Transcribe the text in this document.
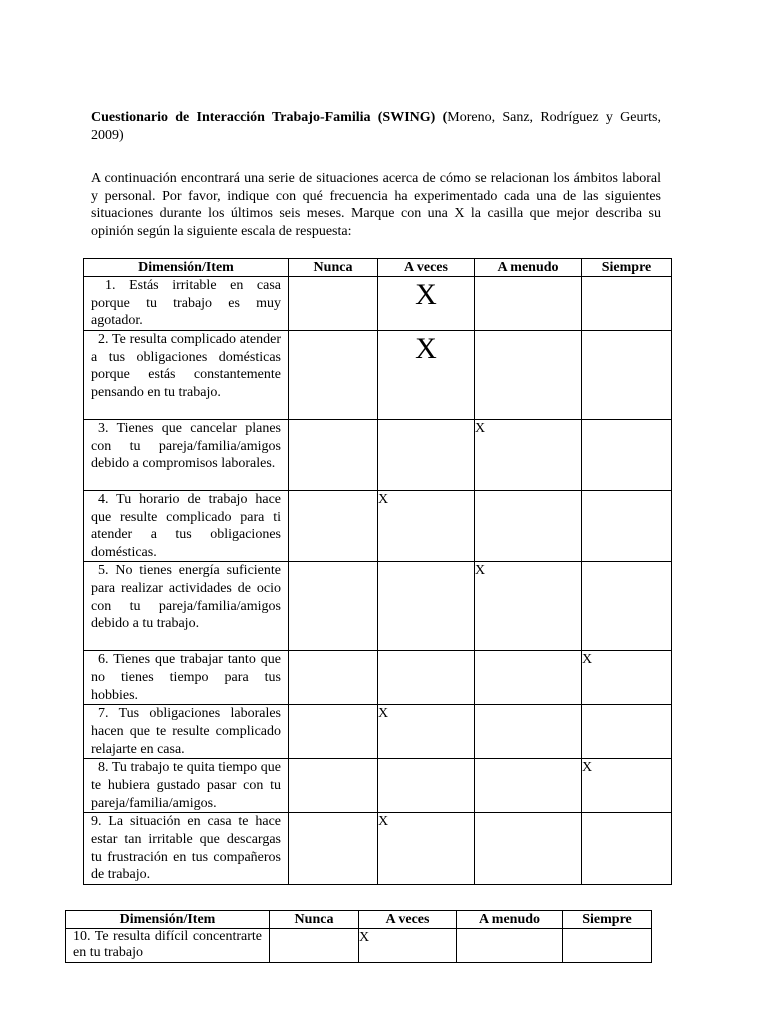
Cuestionario de Interacción Trabajo-Familia (SWING) (Moreno, Sanz, Rodríguez y Geurts, 2009)

A continuación encontrará una serie de situaciones acerca de cómo se relacionan los ámbitos laboral y personal. Por favor, indique con qué frecuencia ha experimentado cada una de las siguientes situaciones durante los últimos seis meses. Marque con una X la casilla que mejor describa su opinión según la siguiente escala de respuesta:

Dimensión/Item	Nunca	A veces	A menudo	Siempre
1. Estás irritable en casa porque tu trabajo es muy agotador.		X		

2. Te resulta complicado atender a tus obligaciones domésticas porque estás constantemente pensando en tu trabajo.		X		

3. Tienes que cancelar planes con tu pareja/familia/amigos debido a compromisos laborales.			X	

4. Tu horario de trabajo hace que resulte complicado para ti atender a tus obligaciones domésticas.		X		

5. No tienes energía suficiente para realizar actividades de ocio con tu pareja/familia/amigos debido a tu trabajo.			X	

6. Tienes que trabajar tanto que no tienes tiempo para tus hobbies.				X

7. Tus obligaciones laborales hacen que te resulte complicado relajarte en casa.		X		

8. Tu trabajo te quita tiempo que te hubiera gustado pasar con tu pareja/familia/amigos.				X

9. La situación en casa te hace estar tan irritable que descargas tu frustración en tus compañeros de trabajo.		X		

Dimensión/Item	Nunca	A veces	A menudo	Siempre
10. Te resulta difícil concentrarte en tu trabajo		X		
